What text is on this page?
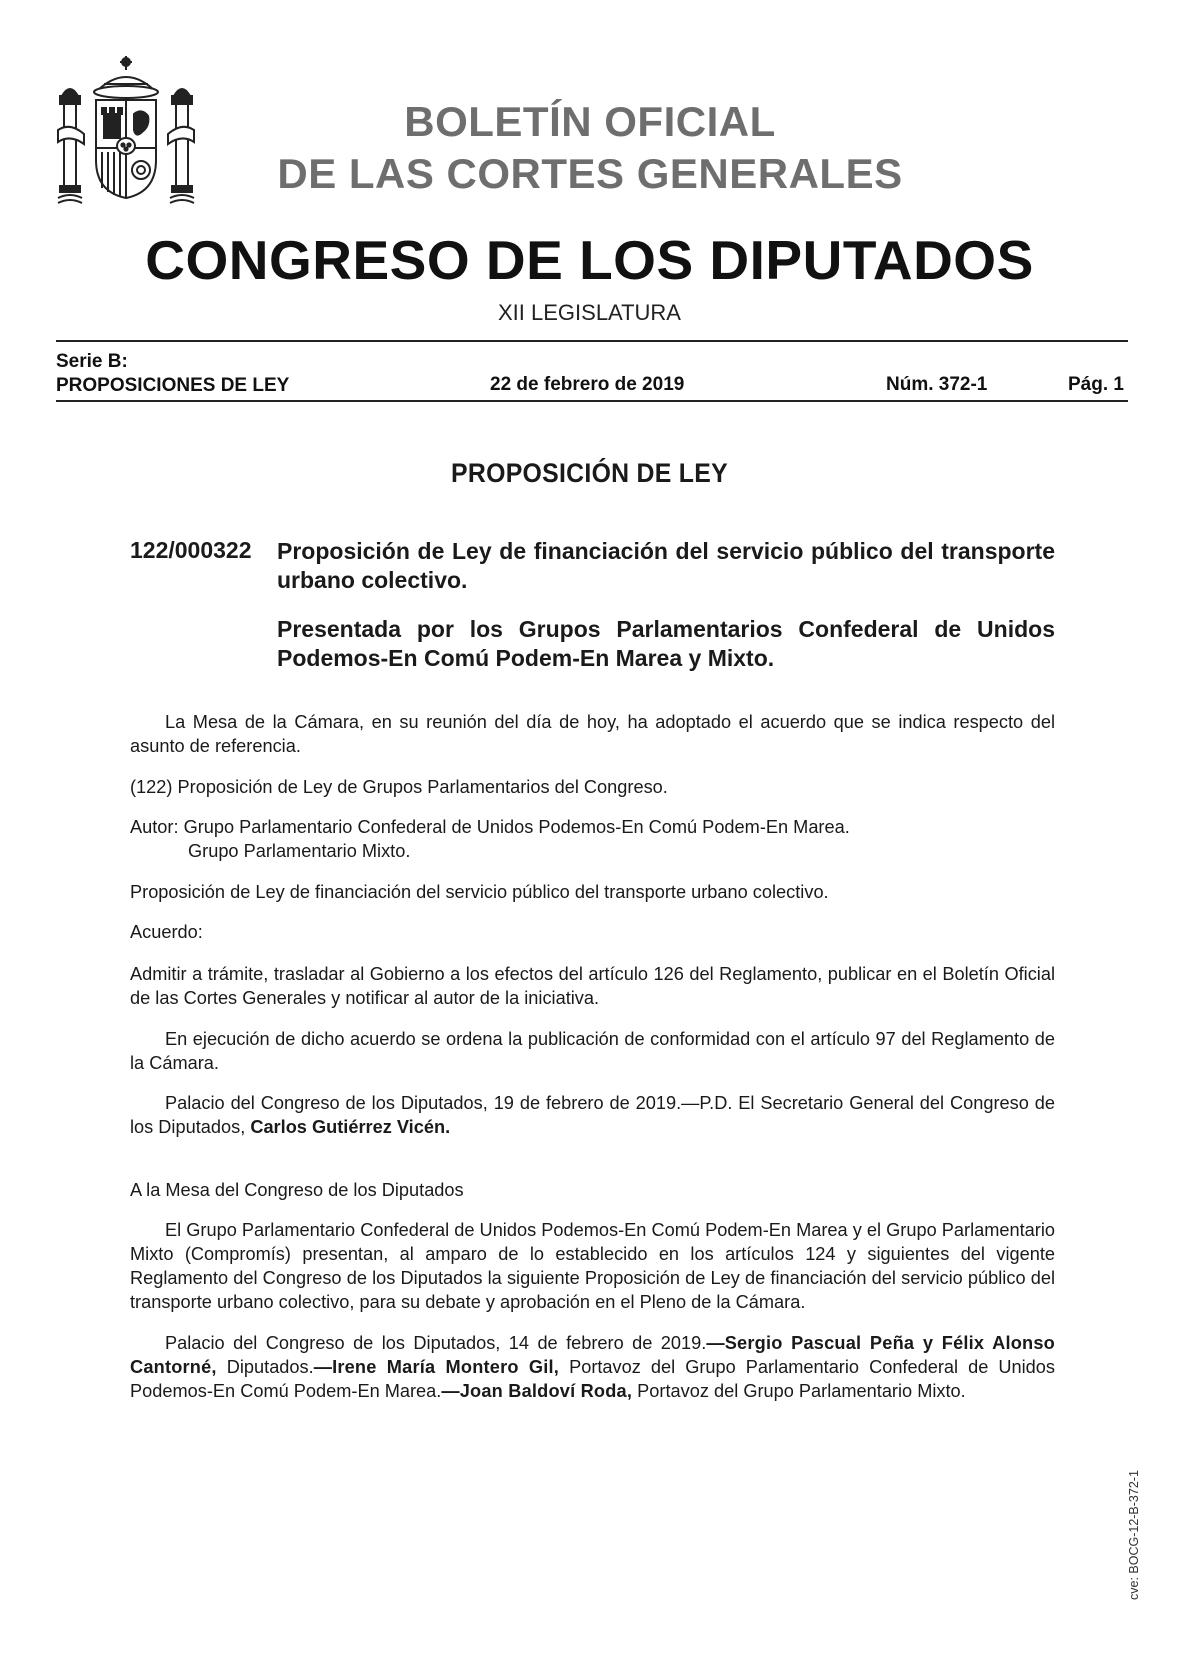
BOLETÍN OFICIAL
DE LAS CORTES GENERALES
CONGRESO DE LOS DIPUTADOS
XII LEGISLATURA
Serie B:
PROPOSICIONES DE LEY	22 de febrero de 2019	Núm. 372-1	Pág. 1
PROPOSICIÓN DE LEY
122/000322 Proposición de Ley de financiación del servicio público del transporte urbano colectivo.
Presentada por los Grupos Parlamentarios Confederal de Unidos Podemos-En Comú Podem-En Marea y Mixto.
La Mesa de la Cámara, en su reunión del día de hoy, ha adoptado el acuerdo que se indica respecto del asunto de referencia.
(122) Proposición de Ley de Grupos Parlamentarios del Congreso.
Autor: Grupo Parlamentario Confederal de Unidos Podemos-En Comú Podem-En Marea.
Grupo Parlamentario Mixto.
Proposición de Ley de financiación del servicio público del transporte urbano colectivo.
Acuerdo:
Admitir a trámite, trasladar al Gobierno a los efectos del artículo 126 del Reglamento, publicar en el Boletín Oficial de las Cortes Generales y notificar al autor de la iniciativa.
En ejecución de dicho acuerdo se ordena la publicación de conformidad con el artículo 97 del Reglamento de la Cámara.
Palacio del Congreso de los Diputados, 19 de febrero de 2019.—P.D. El Secretario General del Congreso de los Diputados, Carlos Gutiérrez Vicén.
A la Mesa del Congreso de los Diputados
El Grupo Parlamentario Confederal de Unidos Podemos-En Comú Podem-En Marea y el Grupo Parlamentario Mixto (Compromís) presentan, al amparo de lo establecido en los artículos 124 y siguientes del vigente Reglamento del Congreso de los Diputados la siguiente Proposición de Ley de financiación del servicio público del transporte urbano colectivo, para su debate y aprobación en el Pleno de la Cámara.
Palacio del Congreso de los Diputados, 14 de febrero de 2019.—Sergio Pascual Peña y Félix Alonso Cantorné, Diputados.—Irene María Montero Gil, Portavoz del Grupo Parlamentario Confederal de Unidos Podemos-En Comú Podem-En Marea.—Joan Baldoví Roda, Portavoz del Grupo Parlamentario Mixto.
cve: BOCG-12-B-372-1
